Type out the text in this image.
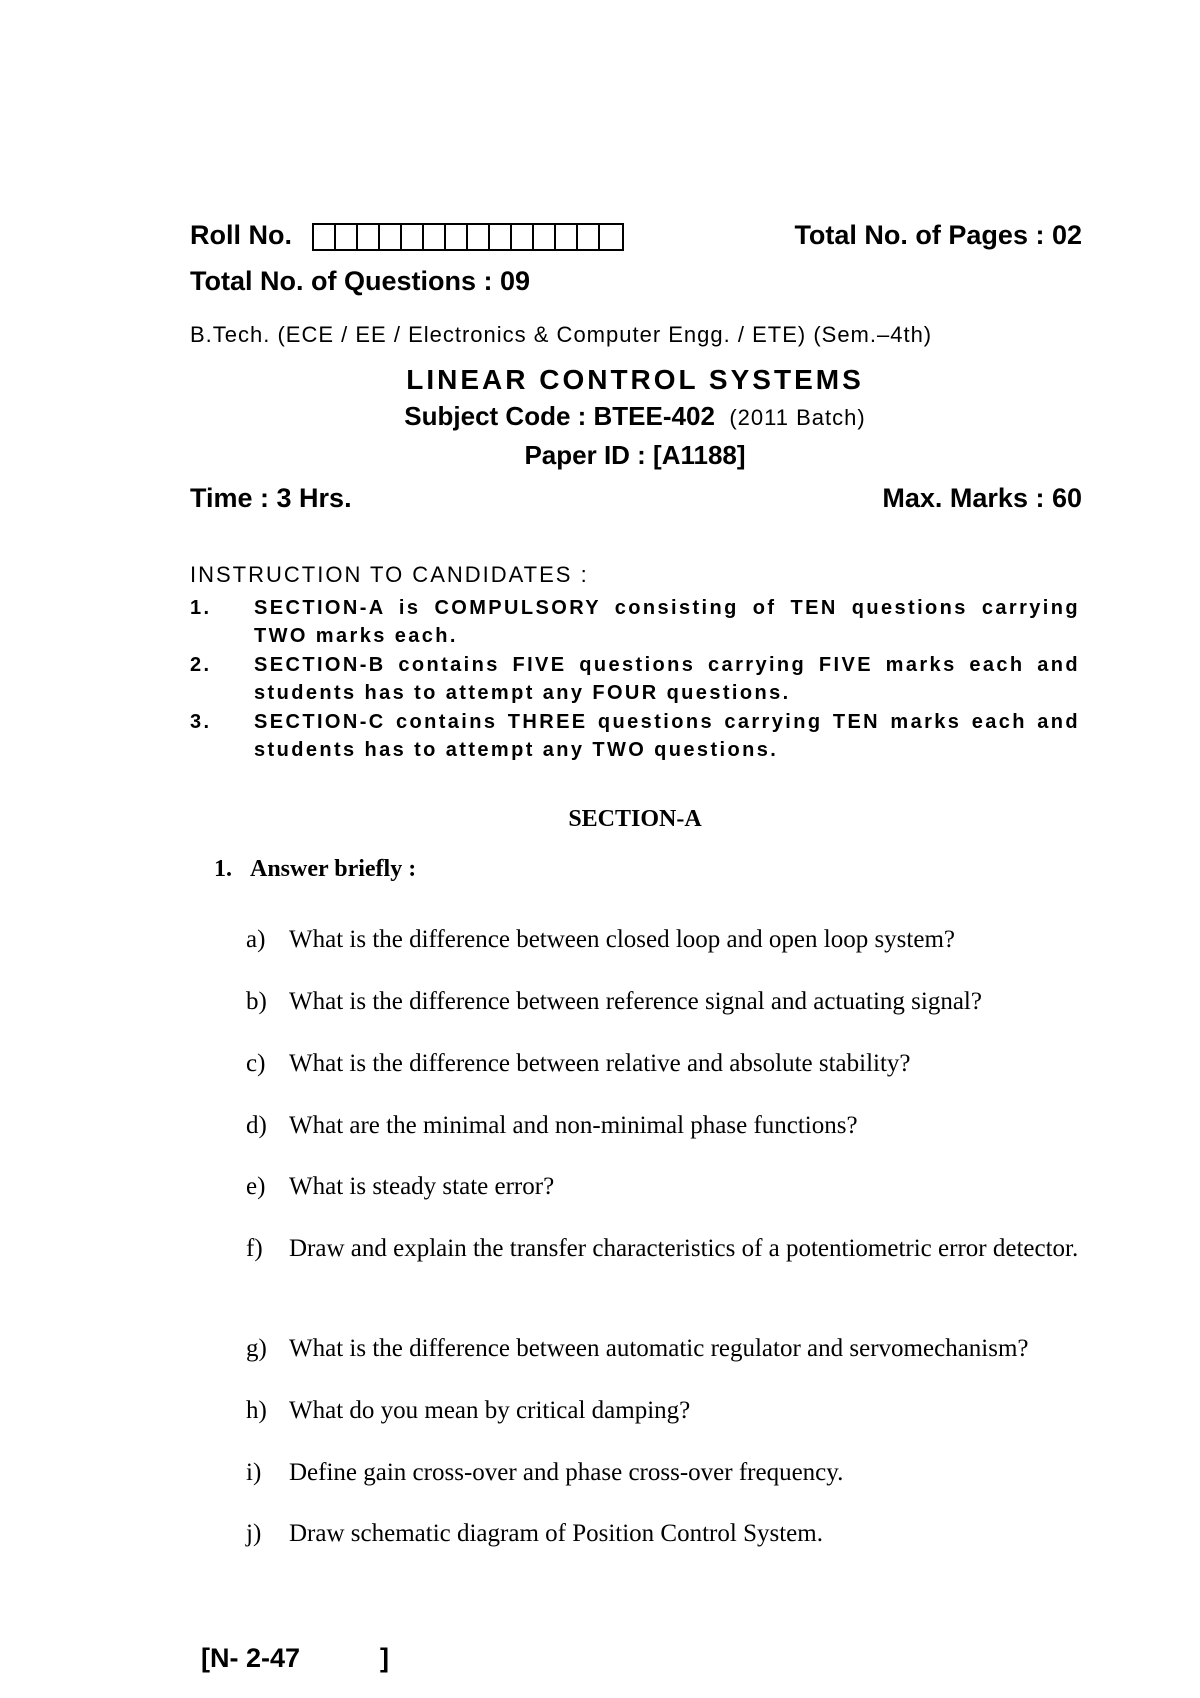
Roll No.	Total No. of Pages : 02
Total No. of Questions : 09
B.Tech. (ECE / EE / Electronics & Computer Engg. / ETE) (Sem.–4th)
LINEAR CONTROL SYSTEMS
Subject Code : BTEE-402 (2011 Batch)
Paper ID : [A1188]
Time : 3 Hrs.	Max. Marks : 60
INSTRUCTION TO CANDIDATES :
1. SECTION-A is COMPULSORY consisting of TEN questions carrying TWO marks each.
2. SECTION-B contains FIVE questions carrying FIVE marks each and students has to attempt any FOUR questions.
3. SECTION-C contains THREE questions carrying TEN marks each and students has to attempt any TWO questions.
SECTION-A
1. Answer briefly :
a) What is the difference between closed loop and open loop system?
b) What is the difference between reference signal and actuating signal?
c) What is the difference between relative and absolute stability?
d) What are the minimal and non-minimal phase functions?
e) What is steady state error?
f) Draw and explain the transfer characteristics of a potentiometric error detector.
g) What is the difference between automatic regulator and servomechanism?
h) What do you mean by critical damping?
i) Define gain cross-over and phase cross-over frequency.
j) Draw schematic diagram of Position Control System.
[N- 2-47	]
